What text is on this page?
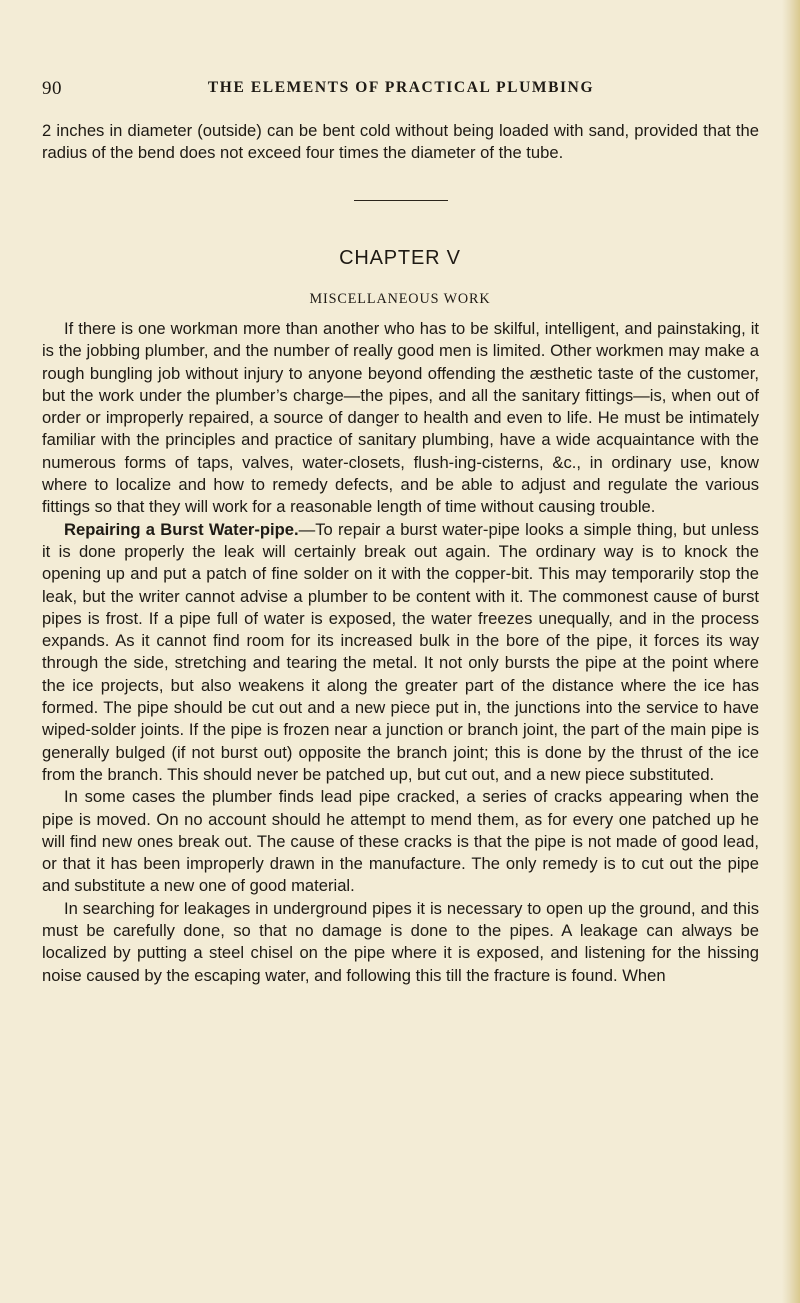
90	THE ELEMENTS OF PRACTICAL PLUMBING

2 inches in diameter (outside) can be bent cold without being loaded with sand, provided that the radius of the bend does not exceed four times the diameter of the tube.

CHAPTER V
MISCELLANEOUS WORK

If there is one workman more than another who has to be skilful, intelligent, and painstaking, it is the jobbing plumber, and the number of really good men is limited. Other workmen may make a rough bungling job without injury to anyone beyond offending the æsthetic taste of the customer, but the work under the plumber’s charge—the pipes, and all the sanitary fittings—is, when out of order or improperly repaired, a source of danger to health and even to life. He must be intimately familiar with the principles and practice of sanitary plumbing, have a wide acquaintance with the numerous forms of taps, valves, water-closets, flush-ing-cisterns, &c., in ordinary use, know where to localize and how to remedy defects, and be able to adjust and regulate the various fittings so that they will work for a reasonable length of time without causing trouble.

Repairing a Burst Water-pipe.—To repair a burst water-pipe looks a simple thing, but unless it is done properly the leak will certainly break out again. The ordinary way is to knock the opening up and put a patch of fine solder on it with the copper-bit. This may temporarily stop the leak, but the writer cannot advise a plumber to be content with it. The commonest cause of burst pipes is frost. If a pipe full of water is exposed, the water freezes unequally, and in the process expands. As it cannot find room for its increased bulk in the bore of the pipe, it forces its way through the side, stretching and tearing the metal. It not only bursts the pipe at the point where the ice projects, but also weakens it along the greater part of the distance where the ice has formed. The pipe should be cut out and a new piece put in, the junctions into the service to have wiped-solder joints. If the pipe is frozen near a junction or branch joint, the part of the main pipe is generally bulged (if not burst out) opposite the branch joint; this is done by the thrust of the ice from the branch. This should never be patched up, but cut out, and a new piece substituted.

In some cases the plumber finds lead pipe cracked, a series of cracks appearing when the pipe is moved. On no account should he attempt to mend them, as for every one patched up he will find new ones break out. The cause of these cracks is that the pipe is not made of good lead, or that it has been improperly drawn in the manufacture. The only remedy is to cut out the pipe and substitute a new one of good material.

In searching for leakages in underground pipes it is necessary to open up the ground, and this must be carefully done, so that no damage is done to the pipes. A leakage can always be localized by putting a steel chisel on the pipe where it is exposed, and listening for the hissing noise caused by the escaping water, and following this till the fracture is found. When
